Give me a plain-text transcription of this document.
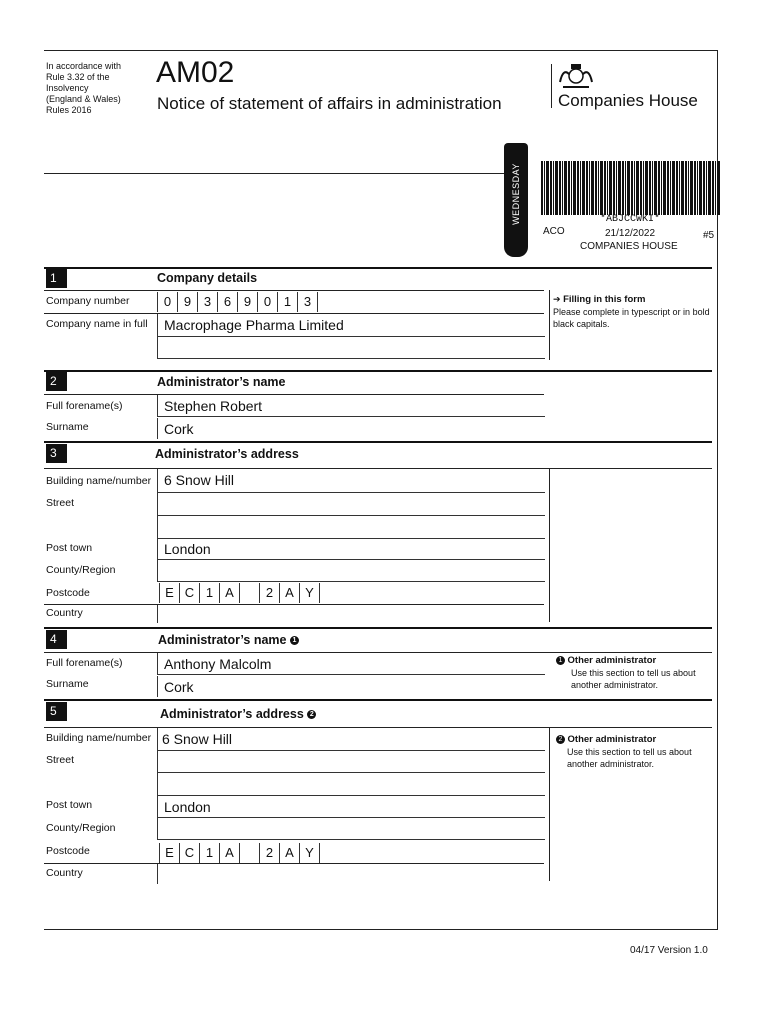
In accordance with Rule 3.32 of the Insolvency (England & Wales) Rules 2016
AM02
Notice of statement of affairs in administration	Companies House
WEDNESDAY	*ABJCCWKI*
ACO	21/12/2022	#5
COMPANIES HOUSE
1	Company details
Company number	0 9 3 6 9 0 1 3
Company name in full Macrophage Pharma Limited
➔ Filling in this form
Please complete in typescript or in bold black capitals.
2	Administrator’s name
Full forename(s)	Stephen Robert
Surname	Cork
3	Administrator’s address
Building name/number 6 Snow Hill
Street
Post town	London
County/Region
Postcode	E C 1 A	2 A Y
Country
4	Administrator’s name 1
Full forename(s)	Anthony Malcolm
Surname	Cork
1 Other administrator

Use this section to tell us about another administrator.
5	Administrator’s address 2
Building name/number 6 Snow Hill
Street
Post town	London
County/Region
Postcode	E C 1 A	2 A Y
Country
2 Other administrator

Use this section to tell us about another administrator.
04/17 Version 1.0
